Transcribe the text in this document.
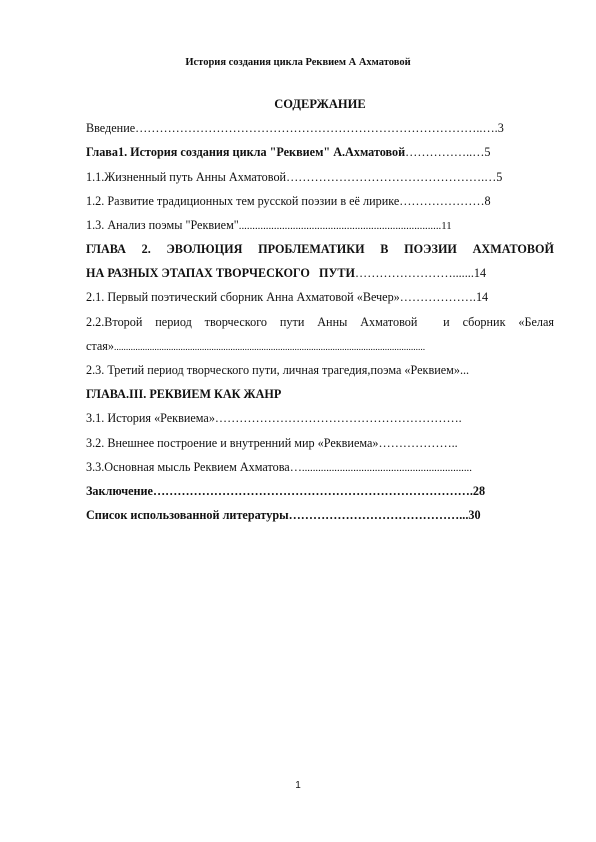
История создания цикла Реквием А Ахматовой
СОДЕРЖАНИЕ
Введение…………………………………………………………………………..….3
Глава1. История создания цикла "Реквием" А.Ахматовой……………..…5
1.1.Жизненный путь Анны Ахматовой………………………………………….…5
1.2. Развитие традиционных тем русской поэзии в её лирике…………………8
1.3. Анализ поэмы "Реквием"...........................................................................11
ГЛАВА 2. ЭВОЛЮЦИЯ ПРОБЛЕМАТИКИ В ПОЭЗИИ АХМАТОВОЙ
НА РАЗНЫХ ЭТАПАХ ТВОРЧЕСКОГО   ПУТИ…………………….......14
2.1. Первый поэтический сборник Анна Ахматовой «Вечер»……………….14
2.2.Второй период творческого пути Анны Ахматовой  и сборник «Белая
стая»...................................................................................................................................
2.3. Третий период творческого пути, личная трагедия,поэма «Реквием»...
ГЛАВА.III. РЕКВИЕМ КАК ЖАНР
3.1. История «Реквиема»…………………………………………………….
3.2. Внешнее построение и внутренний мир «Реквиема»………………..
3.3.Основная мысль Реквием Ахматова…...............................................................
Заключение…………………………………………………………………….28
Список использованной литературы……………………………………...30
1
